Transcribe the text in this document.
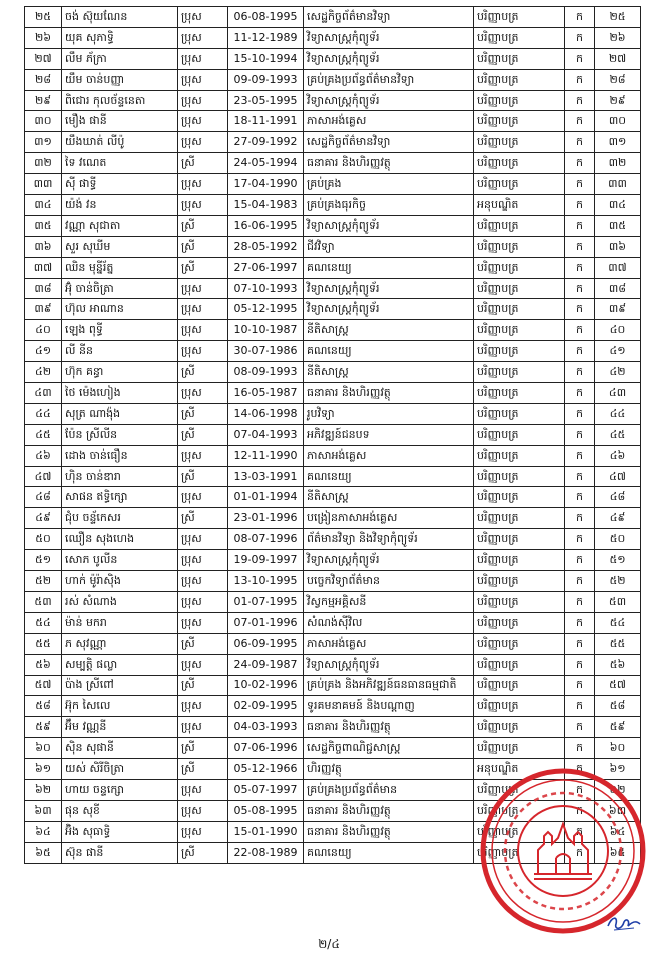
២៥	ចង់ ស៊ុយណែន	ប្រុស	06-08-1995	សេដ្ឋកិច្ចព័ត៌មានវិទ្យា	បរិញ្ញាបត្រ	ក	២៥
២៦	យុគ សុភាទ្ធិ	ប្រុស	11-12-1989	វិទ្យាសាស្ត្រកុំព្យូទ័រ	បរិញ្ញាបត្រ	ក	២៦
២៧	លឹម ភ័ក្រា	ប្រុស	15-10-1994	វិទ្យាសាស្ត្រកុំព្យូទ័រ	បរិញ្ញាបត្រ	ក	២៧
២៨	យឹម ចាន់បញ្ញា	ប្រុស	09-09-1993	គ្រប់គ្រងប្រព័ន្ធព័ត៌មានវិទ្យា	បរិញ្ញាបត្រ	ក	២៨
២៩	ពិជោរ កុលច័ន្ទនេតា	ប្រុស	23-05-1995	វិទ្យាសាស្ត្រកុំព្យូទ័រ	បរិញ្ញាបត្រ	ក	២៩
៣០	មឿង ផានី	ប្រុស	18-11-1991	ភាសាអង់គ្លេស	បរិញ្ញាបត្រ	ក	៣០
៣១	យឹងឃាត់ លីប៉ូ	ប្រុស	27-09-1992	សេដ្ឋកិច្ចព័ត៌មានវិទ្យា	បរិញ្ញាបត្រ	ក	៣១
៣២	ទៃ វណេត	ស្រី	24-05-1994	ធនាគារ និងហិរញ្ញវត្ថុ	បរិញ្ញាបត្រ	ក	៣២
៣៣	ស៊ី ផាទ្ធី	ប្រុស	17-04-1990	គ្រប់គ្រង	បរិញ្ញាបត្រ	ក	៣៣
៣៤	យ៉ង់ វន	ប្រុស	15-04-1983	គ្រប់គ្រងធុរកិច្ច	អនុបណ្ឌិត	ក	៣៤
៣៥	វណ្ណា សុជាតា	ស្រី	16-06-1995	វិទ្យាសាស្ត្រកុំព្យូទ័រ	បរិញ្ញាបត្រ	ក	៣៥
៣៦	សួរ សុឃីម	ស្រី	28-05-1992	ជីវវិទ្យា	បរិញ្ញាបត្រ	ក	៣៦
៣៧	ឈិន មុន្នីរ័ត្ន	ស្រី	27-06-1997	គណនេយ្យ	បរិញ្ញាបត្រ	ក	៣៧
៣៨	អ៊ុំ ចាន់ចិត្រា	ប្រុស	07-10-1993	វិទ្យាសាស្ត្រកុំព្យូទ័រ	បរិញ្ញាបត្រ	ក	៣៨
៣៩	ហ៊ុល អាណាន	ប្រុស	05-12-1995	វិទ្យាសាស្ត្រកុំព្យូទ័រ	បរិញ្ញាបត្រ	ក	៣៩
៤០	ឡេង ពុទ្ធី	ប្រុស	10-10-1987	នីតិសាស្ត្រ	បរិញ្ញាបត្រ	ក	៤០
៤១	លី នីន	ប្រុស	30-07-1986	គណនេយ្យ	បរិញ្ញាបត្រ	ក	៤១
៤២	ហ៊ុក គន្ធា	ស្រី	08-09-1993	នីតិសាស្ត្រ	បរិញ្ញាបត្រ	ក	៤២
៤៣	ថៃ ម៉េងហៀង	ប្រុស	16-05-1987	ធនាគារ និងហិរញ្ញវត្ថុ	បរិញ្ញាបត្រ	ក	៤៣
៤៤	សុត្រ ណាង៉ុង	ស្រី	14-06-1998	រូបវិទ្យា	បរិញ្ញាបត្រ	ក	៤៤
៤៥	ប៉ែន ស្រីលីន	ស្រី	07-04-1993	អភិវឌ្ឍន៍ជនបទ	បរិញ្ញាបត្រ	ក	៤៥
៤៦	ដោង ចាន់ធឿន	ប្រុស	12-11-1990	ភាសាអង់គ្លេស	បរិញ្ញាបត្រ	ក	៤៦
៤៧	ហ៊ិន ចាន់ឌារា	ស្រី	13-03-1991	គណនេយ្យ	បរិញ្ញាបត្រ	ក	៤៧
៤៨	សាផន ឥទ្ធិក្សោ	ប្រុស	01-01-1994	នីតិសាស្ត្រ	បរិញ្ញាបត្រ	ក	៤៨
៤៩	ជុំប ចន្ទ័កេសរ	ស្រី	23-01-1996	បង្រៀនភាសាអង់គ្លេស	បរិញ្ញាបត្រ	ក	៤៩
៥០	ឈឿន សុងហេង	ប្រុស	08-07-1996	ព័ត៌មានវិទ្យា និងវិទ្យាកុំព្យូទ័រ	បរិញ្ញាបត្រ	ក	៥០
៥១	សោភ បូលីន	ប្រុស	19-09-1997	វិទ្យាសាស្ត្រកុំព្យូទ័រ	បរិញ្ញាបត្រ	ក	៥១
៥២	ហាក់ ម៉ូរ៉ាស៊ិង	ប្រុស	13-10-1995	បច្ចេកវិទ្យាព័ត៌មាន	បរិញ្ញាបត្រ	ក	៥២
៥៣	រស់ សំណាង	ប្រុស	01-07-1995	វិស្វកម្មអគ្គិសនី	បរិញ្ញាបត្រ	ក	៥៣
៥៤	ម៉ាន់ មករា	ប្រុស	07-01-1996	សំណង់ស៊ីវិល	បរិញ្ញាបត្រ	ក	៥៤
៥៥	ភ សុវណ្ណា	ស្រី	06-09-1995	ភាសាអង់គ្លេស	បរិញ្ញាបត្រ	ក	៥៥
៥៦	សម្បត្តិ ផល្លា	ប្រុស	24-09-1987	វិទ្យាសាស្ត្រកុំព្យូទ័រ	បរិញ្ញាបត្រ	ក	៥៦
៥៧	ប៉ាង ស្រីពៅ	ស្រី	10-02-1996	គ្រប់គ្រង និងអភិវឌ្ឍន៍ធនធានធម្មជាតិ	បរិញ្ញាបត្រ	ក	៥៧
៥៨	អ៊ុក សៃលេ	ប្រុស	02-09-1995	ទូរគមនាគមន៍ និងបណ្ដាញ	បរិញ្ញាបត្រ	ក	៥៨
៥៩	អ៊ឹម វណ្ណនី	ប្រុស	04-03-1993	ធនាគារ និងហិរញ្ញវត្ថុ	បរិញ្ញាបត្រ	ក	៥៩
៦០	ស៊ិន សុផានី	ស្រី	07-06-1996	សេដ្ឋកិច្ចពាណិជ្ជសាស្ត្រ	បរិញ្ញាបត្រ	ក	៦០
៦១	យស់ សិរីចិត្រា	ស្រី	05-12-1966	ហិរញ្ញវត្ថុ	អនុបណ្ឌិត	ក	៦១
៦២	ហាយ ចន្ទក្សោ	ប្រុស	05-07-1997	គ្រប់គ្រងប្រព័ន្ធព័ត៌មាន	បរិញ្ញាបត្រ	ក	៦២
៦៣	ផុន សុខី	ប្រុស	05-08-1995	ធនាគារ និងហិរញ្ញវត្ថុ	បរិញ្ញាបត្រ	ក	៦៣
៦៤	អ៊ិង សុធាទ្ធិ	ប្រុស	15-01-1990	ធនាគារ និងហិរញ្ញវត្ថុ	បរិញ្ញាបត្រ	ក	៦៤
៦៥	ស៊ុន ផានី	ស្រី	22-08-1989	គណនេយ្យ	បរិញ្ញាបត្រ	ក	៦៥
២/៤
